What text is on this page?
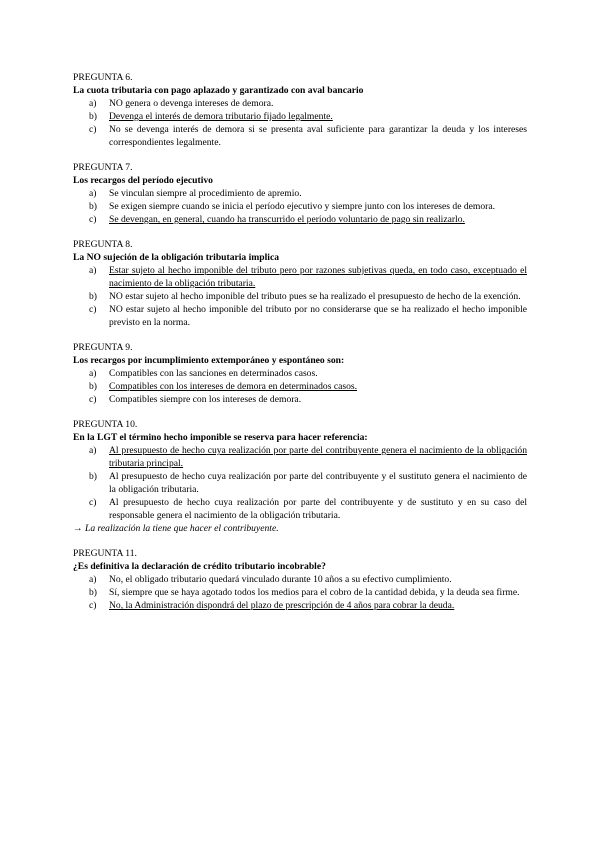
PREGUNTA 6.

La cuota tributaria con pago aplazado y garantizado con aval bancario

a) NO genera o devenga intereses de demora.
b) Devenga el interés de demora tributario fijado legalmente.
c) No se devenga interés de demora si se presenta aval suficiente para garantizar la deuda y los intereses correspondientes legalmente.

PREGUNTA 7.

Los recargos del período ejecutivo

a) Se vinculan siempre al procedimiento de apremio.
b) Se exigen siempre cuando se inicia el período ejecutivo y siempre junto con los intereses de demora.
c) Se devengan, en general, cuando ha transcurrido el período voluntario de pago sin realizarlo.

PREGUNTA 8.

La NO sujeción de la obligación tributaria implica

a) Estar sujeto al hecho imponible del tributo pero por razones subjetivas queda, en todo caso, exceptuado el nacimiento de la obligación tributaria.
b) NO estar sujeto al hecho imponible del tributo pues se ha realizado el presupuesto de hecho de la exención.
c) NO estar sujeto al hecho imponible del tributo por no considerarse que se ha realizado el hecho imponible previsto en la norma.

PREGUNTA 9.

Los recargos por incumplimiento extemporáneo y espontáneo son:

a) Compatibles con las sanciones en determinados casos.
b) Compatibles con los intereses de demora en determinados casos.
c) Compatibles siempre con los intereses de demora.

PREGUNTA 10.

En la LGT el término hecho imponible se reserva para hacer referencia:

a) Al presupuesto de hecho cuya realización por parte del contribuyente genera el nacimiento de la obligación tributaria principal.
b) Al presupuesto de hecho cuya realización por parte del contribuyente y el sustituto genera el nacimiento de la obligación tributaria.
c) Al presupuesto de hecho cuya realización por parte del contribuyente y de sustituto y en su caso del responsable genera el nacimiento de la obligación tributaria.

→ La realización la tiene que hacer el contribuyente.

PREGUNTA 11.

¿Es definitiva la declaración de crédito tributario incobrable?

a) No, el obligado tributario quedará vinculado durante 10 años a su efectivo cumplimiento.
b) Sí, siempre que se haya agotado todos los medios para el cobro de la cantidad debida, y la deuda sea firme.
c) No, la Administración dispondrá del plazo de prescripción de 4 años para cobrar la deuda.
